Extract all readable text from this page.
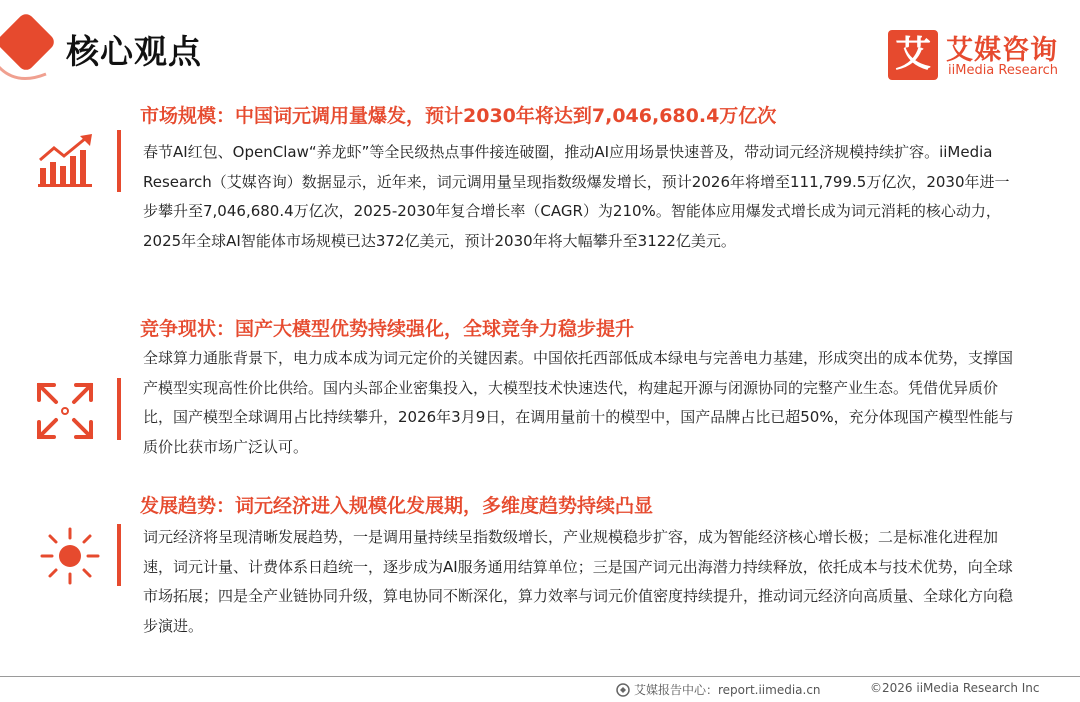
核心观点	艾 艾媒咨询
iiMedia Research
市场规模：中国词元调用量爆发，预计2030年将达到7,046,680.4万亿次

春节AI红包、OpenClaw“养龙虾”等全民级热点事件接连破圈，推动AI应用场景快速普及，带动词元经济规模持续扩容。iiMedia Research（艾媒咨询）数据显示，近年来，词元调用量呈现指数级爆发增长，预计2026年将增至111,799.5万亿次，2030年进一步攀升至7,046,680.4万亿次，2025-2030年复合增长率（CAGR）为210%。智能体应用爆发式增长成为词元消耗的核心动力，2025年全球AI智能体市场规模已达372亿美元，预计2030年将大幅攀升至3122亿美元。

竞争现状：国产大模型优势持续强化，全球竞争力稳步提升

全球算力通胀背景下，电力成本成为词元定价的关键因素。中国依托西部低成本绿电与完善电力基建，形成突出的成本优势，支撑国产模型实现高性价比供给。国内头部企业密集投入，大模型技术快速迭代，构建起开源与闭源协同的完整产业生态。凭借优异质价比，国产模型全球调用占比持续攀升，2026年3月9日，在调用量前十的模型中，国产品牌占比已超50%，充分体现国产模型性能与质价比获市场广泛认可。

发展趋势：词元经济进入规模化发展期，多维度趋势持续凸显

词元经济将呈现清晰发展趋势，一是调用量持续呈指数级增长，产业规模稳步扩容，成为智能经济核心增长极；二是标准化进程加速，词元计量、计费体系日趋统一，逐步成为AI服务通用结算单位；三是国产词元出海潜力持续释放，依托成本与技术优势，向全球市场拓展；四是全产业链协同升级，算电协同不断深化，算力效率与词元价值密度持续提升，推动词元经济向高质量、全球化方向稳步演进。

艾媒报告中心：report.iimedia.cn	©2026 iiMedia Research Inc
